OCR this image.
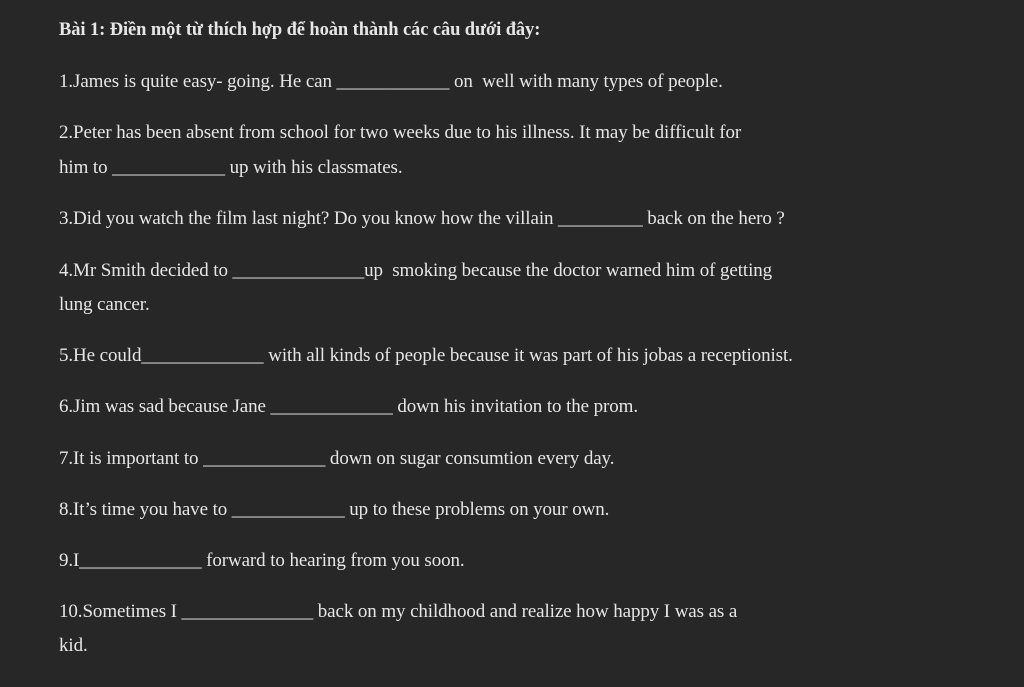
Bài 1: Điền một từ thích hợp để hoàn thành các câu dưới đây:
1.James is quite easy- going. He can ____________ on  well with many types of people.
2.Peter has been absent from school for two weeks due to his illness. It may be difficult for
him to ____________ up with his classmates.
3.Did you watch the film last night? Do you know how the villain _________ back on the hero ?
4.Mr Smith decided to ______________up  smoking because the doctor warned him of getting
lung cancer.
5.He could_____________ with all kinds of people because it was part of his jobas a receptionist.
6.Jim was sad because Jane _____________ down his invitation to the prom.
7.It is important to _____________ down on sugar consumtion every day.
8.It’s time you have to ____________ up to these problems on your own.
9.I_____________ forward to hearing from you soon.
10.Sometimes I ______________ back on my childhood and realize how happy I was as a
kid.
